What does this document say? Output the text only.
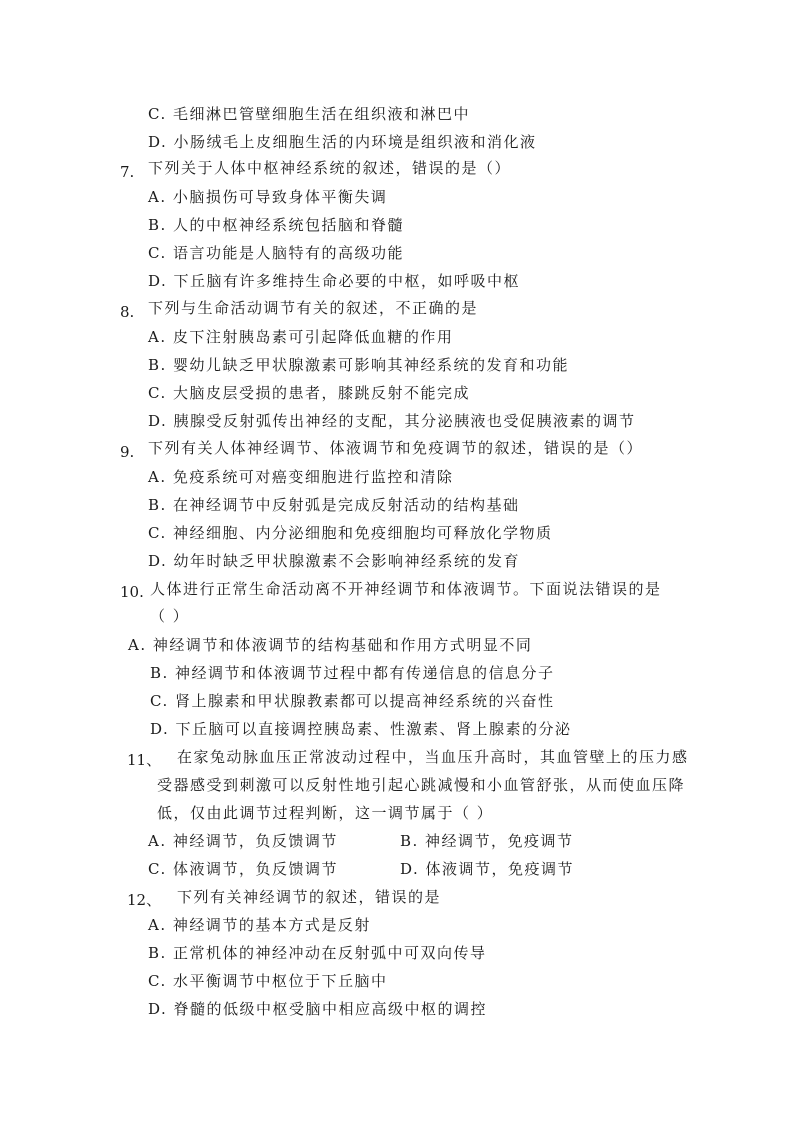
C. 毛细淋巴管壁细胞生活在组织液和淋巴中
D. 小肠绒毛上皮细胞生活的内环境是组织液和消化液
7. 下列关于人体中枢神经系统的叙述，错误的是（）
A. 小脑损伤可导致身体平衡失调
B. 人的中枢神经系统包括脑和脊髓
C. 语言功能是人脑特有的高级功能
D. 下丘脑有许多维持生命必要的中枢，如呼吸中枢
8. 下列与生命活动调节有关的叙述，不正确的是
A. 皮下注射胰岛素可引起降低血糖的作用
B. 婴幼儿缺乏甲状腺激素可影响其神经系统的发育和功能
C. 大脑皮层受损的患者，膝跳反射不能完成
D. 胰腺受反射弧传出神经的支配，其分泌胰液也受促胰液素的调节
9. 下列有关人体神经调节、体液调节和免疫调节的叙述，错误的是（）
A. 免疫系统可对癌变细胞进行监控和清除
B. 在神经调节中反射弧是完成反射活动的结构基础
C. 神经细胞、内分泌细胞和免疫细胞均可释放化学物质
D. 幼年时缺乏甲状腺激素不会影响神经系统的发育
10. 人体进行正常生命活动离不开神经调节和体液调节。下面说法错误的是
（ ）
A. 神经调节和体液调节的结构基础和作用方式明显不同
B. 神经调节和体液调节过程中都有传递信息的信息分子
C. 肾上腺素和甲状腺教素都可以提高神经系统的兴奋性
D. 下丘脑可以直接调控胰岛素、性激素、肾上腺素的分泌
11、 在家兔动脉血压正常波动过程中，当血压升高时，其血管壁上的压力感
受器感受到刺激可以反射性地引起心跳减慢和小血管舒张，从而使血压降
低，仅由此调节过程判断，这一调节属于（ ）
A. 神经调节，负反馈调节	B. 神经调节，免疫调节
C. 体液调节，负反馈调节	D. 体液调节，免疫调节
12、 下列有关神经调节的叙述，错误的是
A. 神经调节的基本方式是反射
B. 正常机体的神经冲动在反射弧中可双向传导
C. 水平衡调节中枢位于下丘脑中
D. 脊髓的低级中枢受脑中相应高级中枢的调控
